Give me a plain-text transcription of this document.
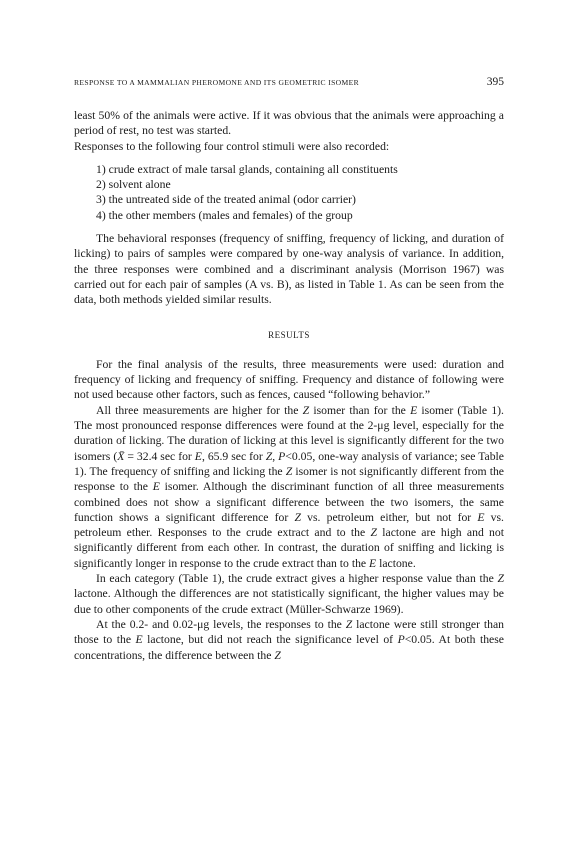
RESPONSE TO A MAMMALIAN PHEROMONE AND ITS GEOMETRIC ISOMER	395

least 50% of the animals were active. If it was obvious that the animals were approaching a period of rest, no test was started.

Responses to the following four control stimuli were also recorded:

1) crude extract of male tarsal glands, containing all constituents
2) solvent alone
3) the untreated side of the treated animal (odor carrier)
4) the other members (males and females) of the group

The behavioral responses (frequency of sniffing, frequency of licking, and duration of licking) to pairs of samples were compared by one-way analysis of variance. In addition, the three responses were combined and a discriminant analysis (Morrison 1967) was carried out for each pair of samples (A vs. B), as listed in Table 1. As can be seen from the data, both methods yielded similar results.

RESULTS

For the final analysis of the results, three measurements were used: duration and frequency of licking and frequency of sniffing. Frequency and distance of following were not used because other factors, such as fences, caused “following behavior.”

All three measurements are higher for the Z isomer than for the E isomer (Table 1). The most pronounced response differences were found at the 2-μg level, especially for the duration of licking. The duration of licking at this level is significantly different for the two isomers (X̄ = 32.4 sec for E, 65.9 sec for Z, P<0.05, one-way analysis of variance; see Table 1). The frequency of sniffing and licking the Z isomer is not significantly different from the response to the E isomer. Although the discriminant function of all three measurements combined does not show a significant difference between the two isomers, the same function shows a significant difference for Z vs. petroleum either, but not for E vs. petroleum ether. Responses to the crude extract and to the Z lactone are high and not significantly different from each other. In contrast, the duration of sniffing and licking is significantly longer in response to the crude extract than to the E lactone.

In each category (Table 1), the crude extract gives a higher response value than the Z lactone. Although the differences are not statistically significant, the higher values may be due to other components of the crude extract (Müller-Schwarze 1969).

At the 0.2- and 0.02-μg levels, the responses to the Z lactone were still stronger than those to the E lactone, but did not reach the significance level of P<0.05. At both these concentrations, the difference between the Z
